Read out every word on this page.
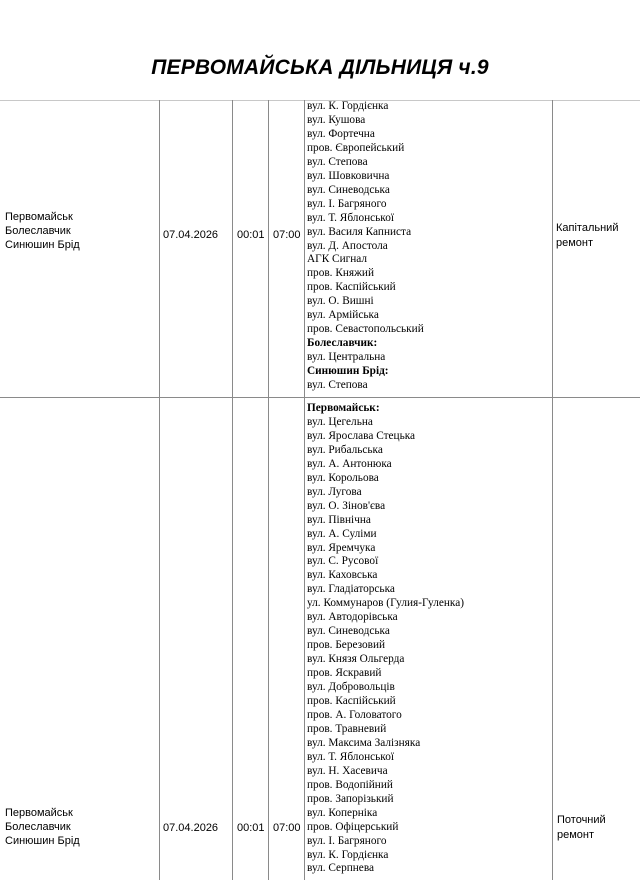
ПЕРВОМАЙСЬКА ДІЛЬНИЦЯ ч.9
Первомайськ
Болеславчик
Синюшин Брід
07.04.2026 00:01 07:00
вул. К. Гордієнка
вул. Кушова
вул. Фортечна
пров. Європейський
вул. Степова
вул. Шовковична
вул. Синеводська
вул. І. Багряного
вул. Т. Яблонської
вул. Василя Капниста
вул. Д. Апостола
АГК Сигнал
пров. Княжий
пров. Каспійський
вул. О. Вишні
вул. Армійська
пров. Севастопольський
Болеславчик:
вул. Центральна
Синюшин Брід:
вул. Степова
Капітальний
ремонт
Первомайськ
Болеславчик
Синюшин Брід
07.04.2026 00:01 07:00
Первомайськ:
вул. Цегельна
вул. Ярослава Стецька
вул. Рибальська
вул. А. Антонюка
вул. Корольова
вул. Лугова
вул. О. Зінов'єва
вул. Північна
вул. А. Суліми
вул. Яремчука
вул. С. Русової
вул. Каховська
вул. Гладіаторська
ул. Коммунаров (Гулия-Гуленка)
вул. Автодорівська
вул. Синеводська
пров. Березовий
вул. Князя Ольгерда
пров. Яскравий
вул. Добровольців
пров. Каспійський
пров. А. Головатого
пров. Травневий
вул. Максима Залізняка
вул. Т. Яблонської
вул. Н. Хасевича
пров. Водопійний
пров. Запорізький
вул. Коперніка
пров. Офіцерський
вул. І. Багряного
вул. К. Гордієнка
вул. Серпнева
Поточний
ремонт
